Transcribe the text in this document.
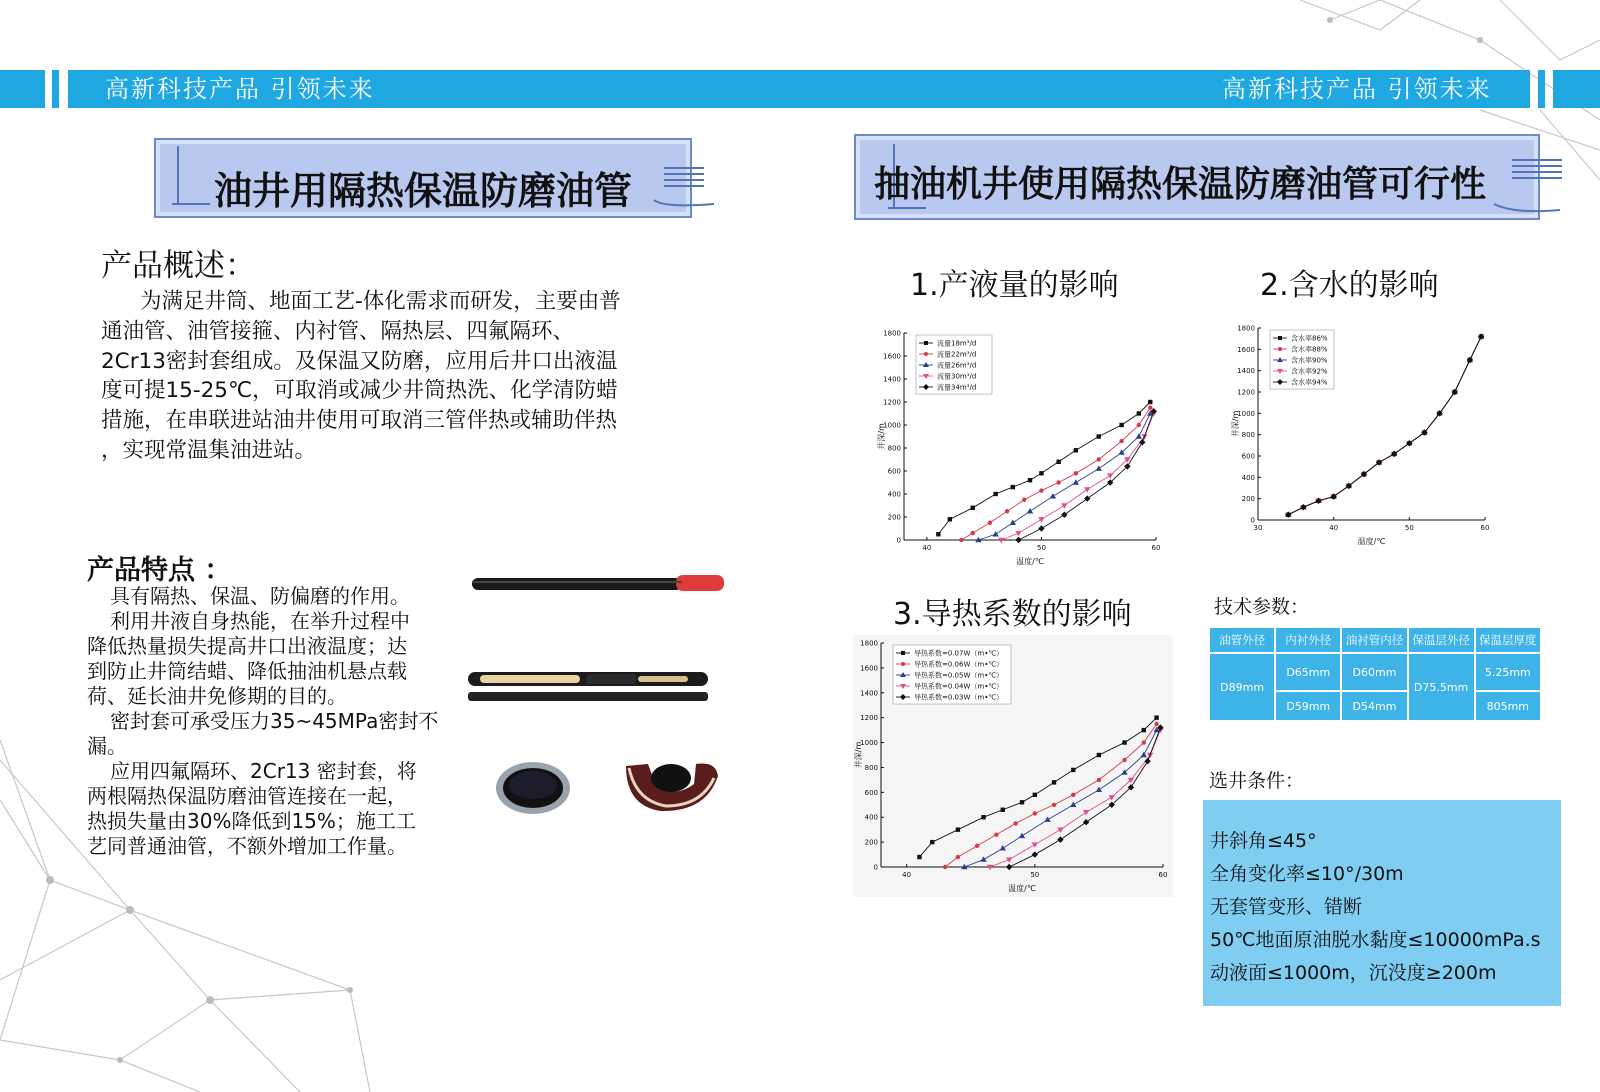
高新科技产品 引领未来	高新科技产品 引领未来
油井用隔热保温防磨油管	抽油机井使用隔热保温防磨油管可行性
产品概述：
为满足井筒、地面工艺-体化需求而研发，主要由普
通油管、油管接箍、内衬管、隔热层、四氟隔环、
2Cr13密封套组成。及保温又防磨，应用后井口出液温
度可提15-25℃，可取消或减少井筒热洗、化学清防蜡
措施，在串联进站油井使用可取消三管伴热或辅助伴热
，实现常温集油进站。
产品特点 ：
具有隔热、保温、防偏磨的作用。
利用井液自身热能，在举升过程中
降低热量损失提高井口出液温度；达
到防止井筒结蜡、降低抽油机悬点载
荷、延长油井免修期的目的。
密封套可承受压力35~45MPa密封不
漏。
应用四氟隔环、2Cr13 密封套，将
两根隔热保温防磨油管连接在一起，
热损失量由30%降低到15%；施工工
艺同普通油管，不额外增加工作量。
1.产液量的影响	2.含水的影响
3.导热系数的影响
0
200
400
600
800
1000
1200
1400
1600
1800
40	50	60
温度/℃
井深/m
流量18m³/d
流量22m³/d
流量26m³/d
流量30m³/d
流量34m³/d
0
200
400
600
800
1000
1200
1400
1600
1800
30	40	50	60
温度/℃
井深/m
含水率86%
含水率88%
含水率90%
含水率92%
含水率94%
0
200
400
600
800
1000
1200
1400
1600
1800
40	50	60
温度/℃
井深/m
导热系数=0.07W（m•℃）
导热系数=0.06W（m•℃）
导热系数=0.05W（m•℃）
导热系数=0.04W（m•℃）
导热系数=0.03W（m•℃）
技术参数：
油管外径	内衬外径	油衬管内径	保温层外径	保温层厚度
D89mm	D65mm	D60mm	D75.5mm	5.25mm
	D59mm	D54mm		805mm
选井条件：
井斜角≤45°
全角变化率≤10°/30m
无套管变形、错断
50℃地面原油脱水黏度≤10000mPa.s
动液面≤1000m，沉没度≥200m
